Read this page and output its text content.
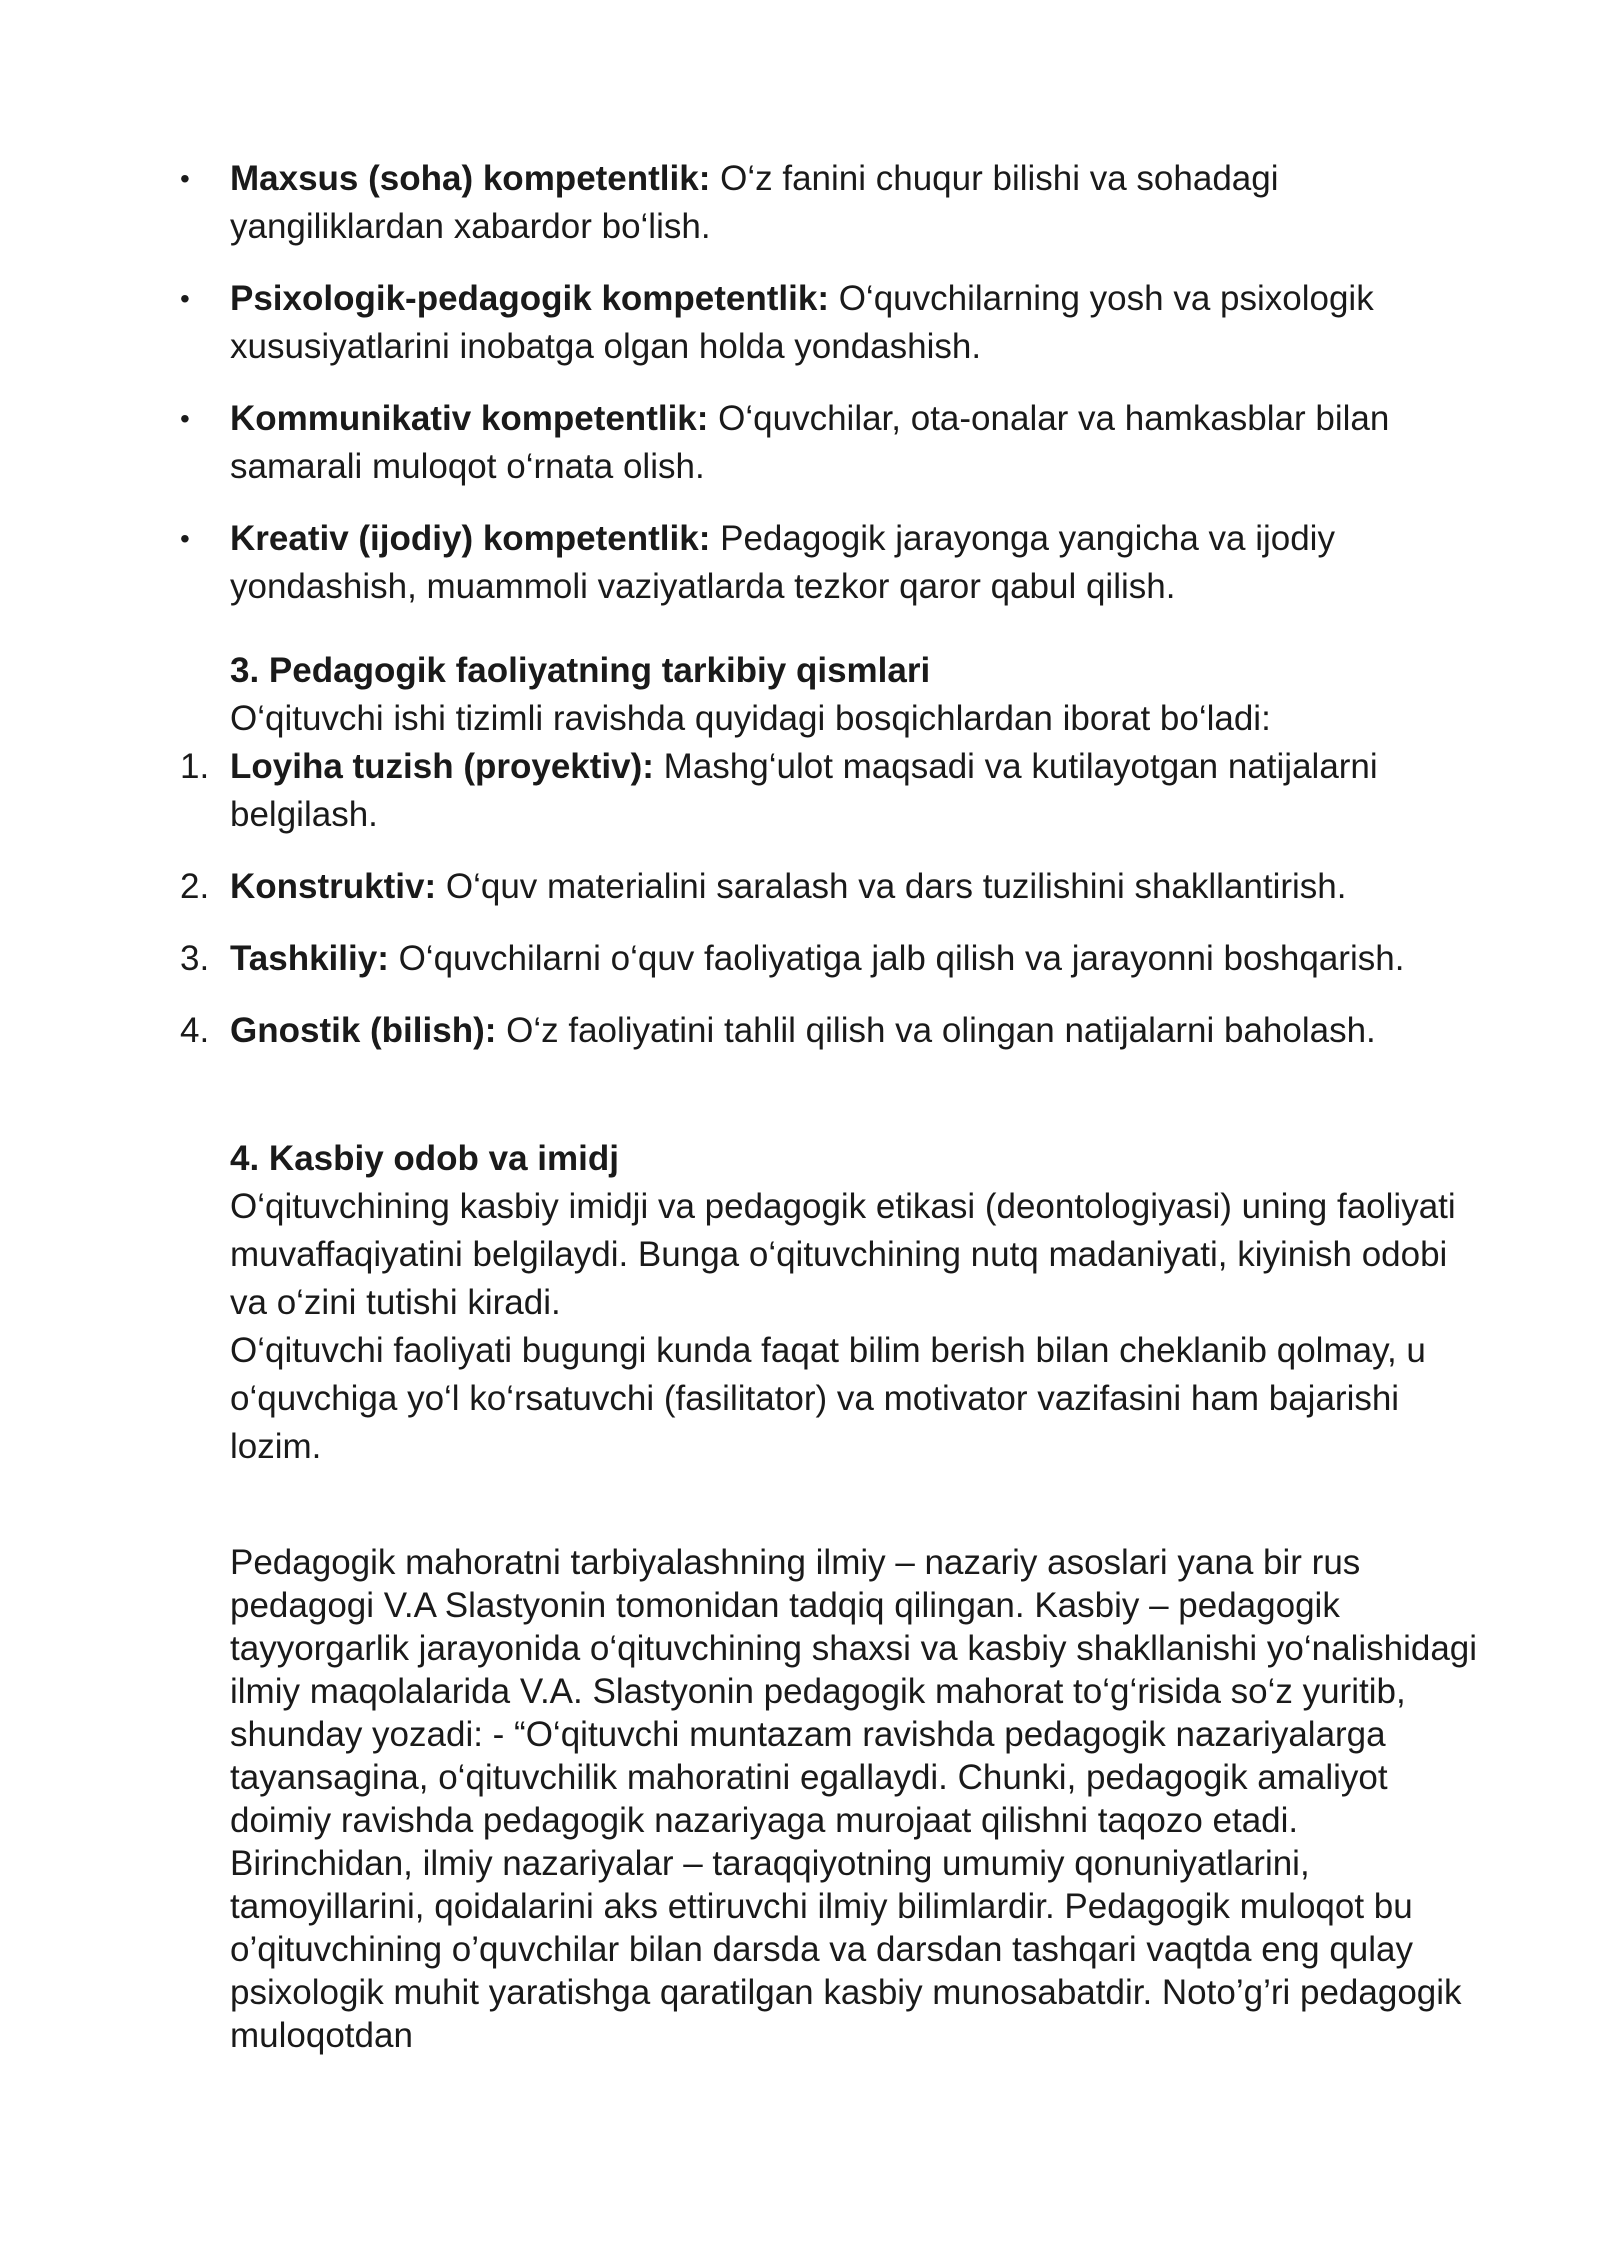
• Maxsus (soha) kompetentlik: O‘z fanini chuqur bilishi va sohadagi yangiliklardan xabardor bo‘lish.
• Psixologik-pedagogik kompetentlik: O‘quvchilarning yosh va psixologik xususiyatlarini inobatga olgan holda yondashish.
• Kommunikativ kompetentlik: O‘quvchilar, ota-onalar va hamkasblar bilan samarali muloqot o‘rnata olish.
• Kreativ (ijodiy) kompetentlik: Pedagogik jarayonga yangicha va ijodiy yondashish, muammoli vaziyatlarda tezkor qaror qabul qilish.
3. Pedagogik faoliyatning tarkibiy qismlari
O‘qituvchi ishi tizimli ravishda quyidagi bosqichlardan iborat bo‘ladi:
1. Loyiha tuzish (proyektiv): Mashg‘ulot maqsadi va kutilayotgan natijalarni belgilash.
2. Konstruktiv: O‘quv materialini saralash va dars tuzilishini shakllantirish.
3. Tashkiliy: O‘quvchilarni o‘quv faoliyatiga jalb qilish va jarayonni boshqarish.
4. Gnostik (bilish): O‘z faoliyatini tahlil qilish va olingan natijalarni baholash.
4. Kasbiy odob va imidj
O‘qituvchining kasbiy imidji va pedagogik etikasi (deontologiyasi) uning faoliyati muvaffaqiyatini belgilaydi. Bunga o‘qituvchining nutq madaniyati, kiyinish odobi va o‘zini tutishi kiradi.
O‘qituvchi faoliyati bugungi kunda faqat bilim berish bilan cheklanib qolmay, u o‘quvchiga yo‘l ko‘rsatuvchi (fasilitator) va motivator vazifasini ham bajarishi lozim.
Pedagogik mahoratni tarbiyalashning ilmiy – nazariy asoslari yana bir rus pedagogi V.A Slastyonin tomonidan tadqiq qilingan. Kasbiy – pedagogik tayyorgarlik jarayonida o‘qituvchining shaxsi va kasbiy shakllanishi yo‘nalishidagi ilmiy maqolalarida V.A. Slastyonin pedagogik mahorat to‘g‘risida so‘z yuritib, shunday yozadi: - “O‘qituvchi muntazam ravishda pedagogik nazariyalarga tayansagina, o‘qituvchilik mahoratini egallaydi. Chunki, pedagogik amaliyot doimiy ravishda pedagogik nazariyaga murojaat qilishni taqozo etadi. Birinchidan, ilmiy nazariyalar – taraqqiyotning umumiy qonuniyatlarini, tamoyillarini, qoidalarini aks ettiruvchi ilmiy bilimlardir. Pedagogik muloqot bu o’qituvchining o’quvchilar bilan darsda va darsdan tashqari vaqtda eng qulay psixologik muhit yaratishga qaratilgan kasbiy munosabatdir. Noto’g’ri pedagogik muloqotdan
